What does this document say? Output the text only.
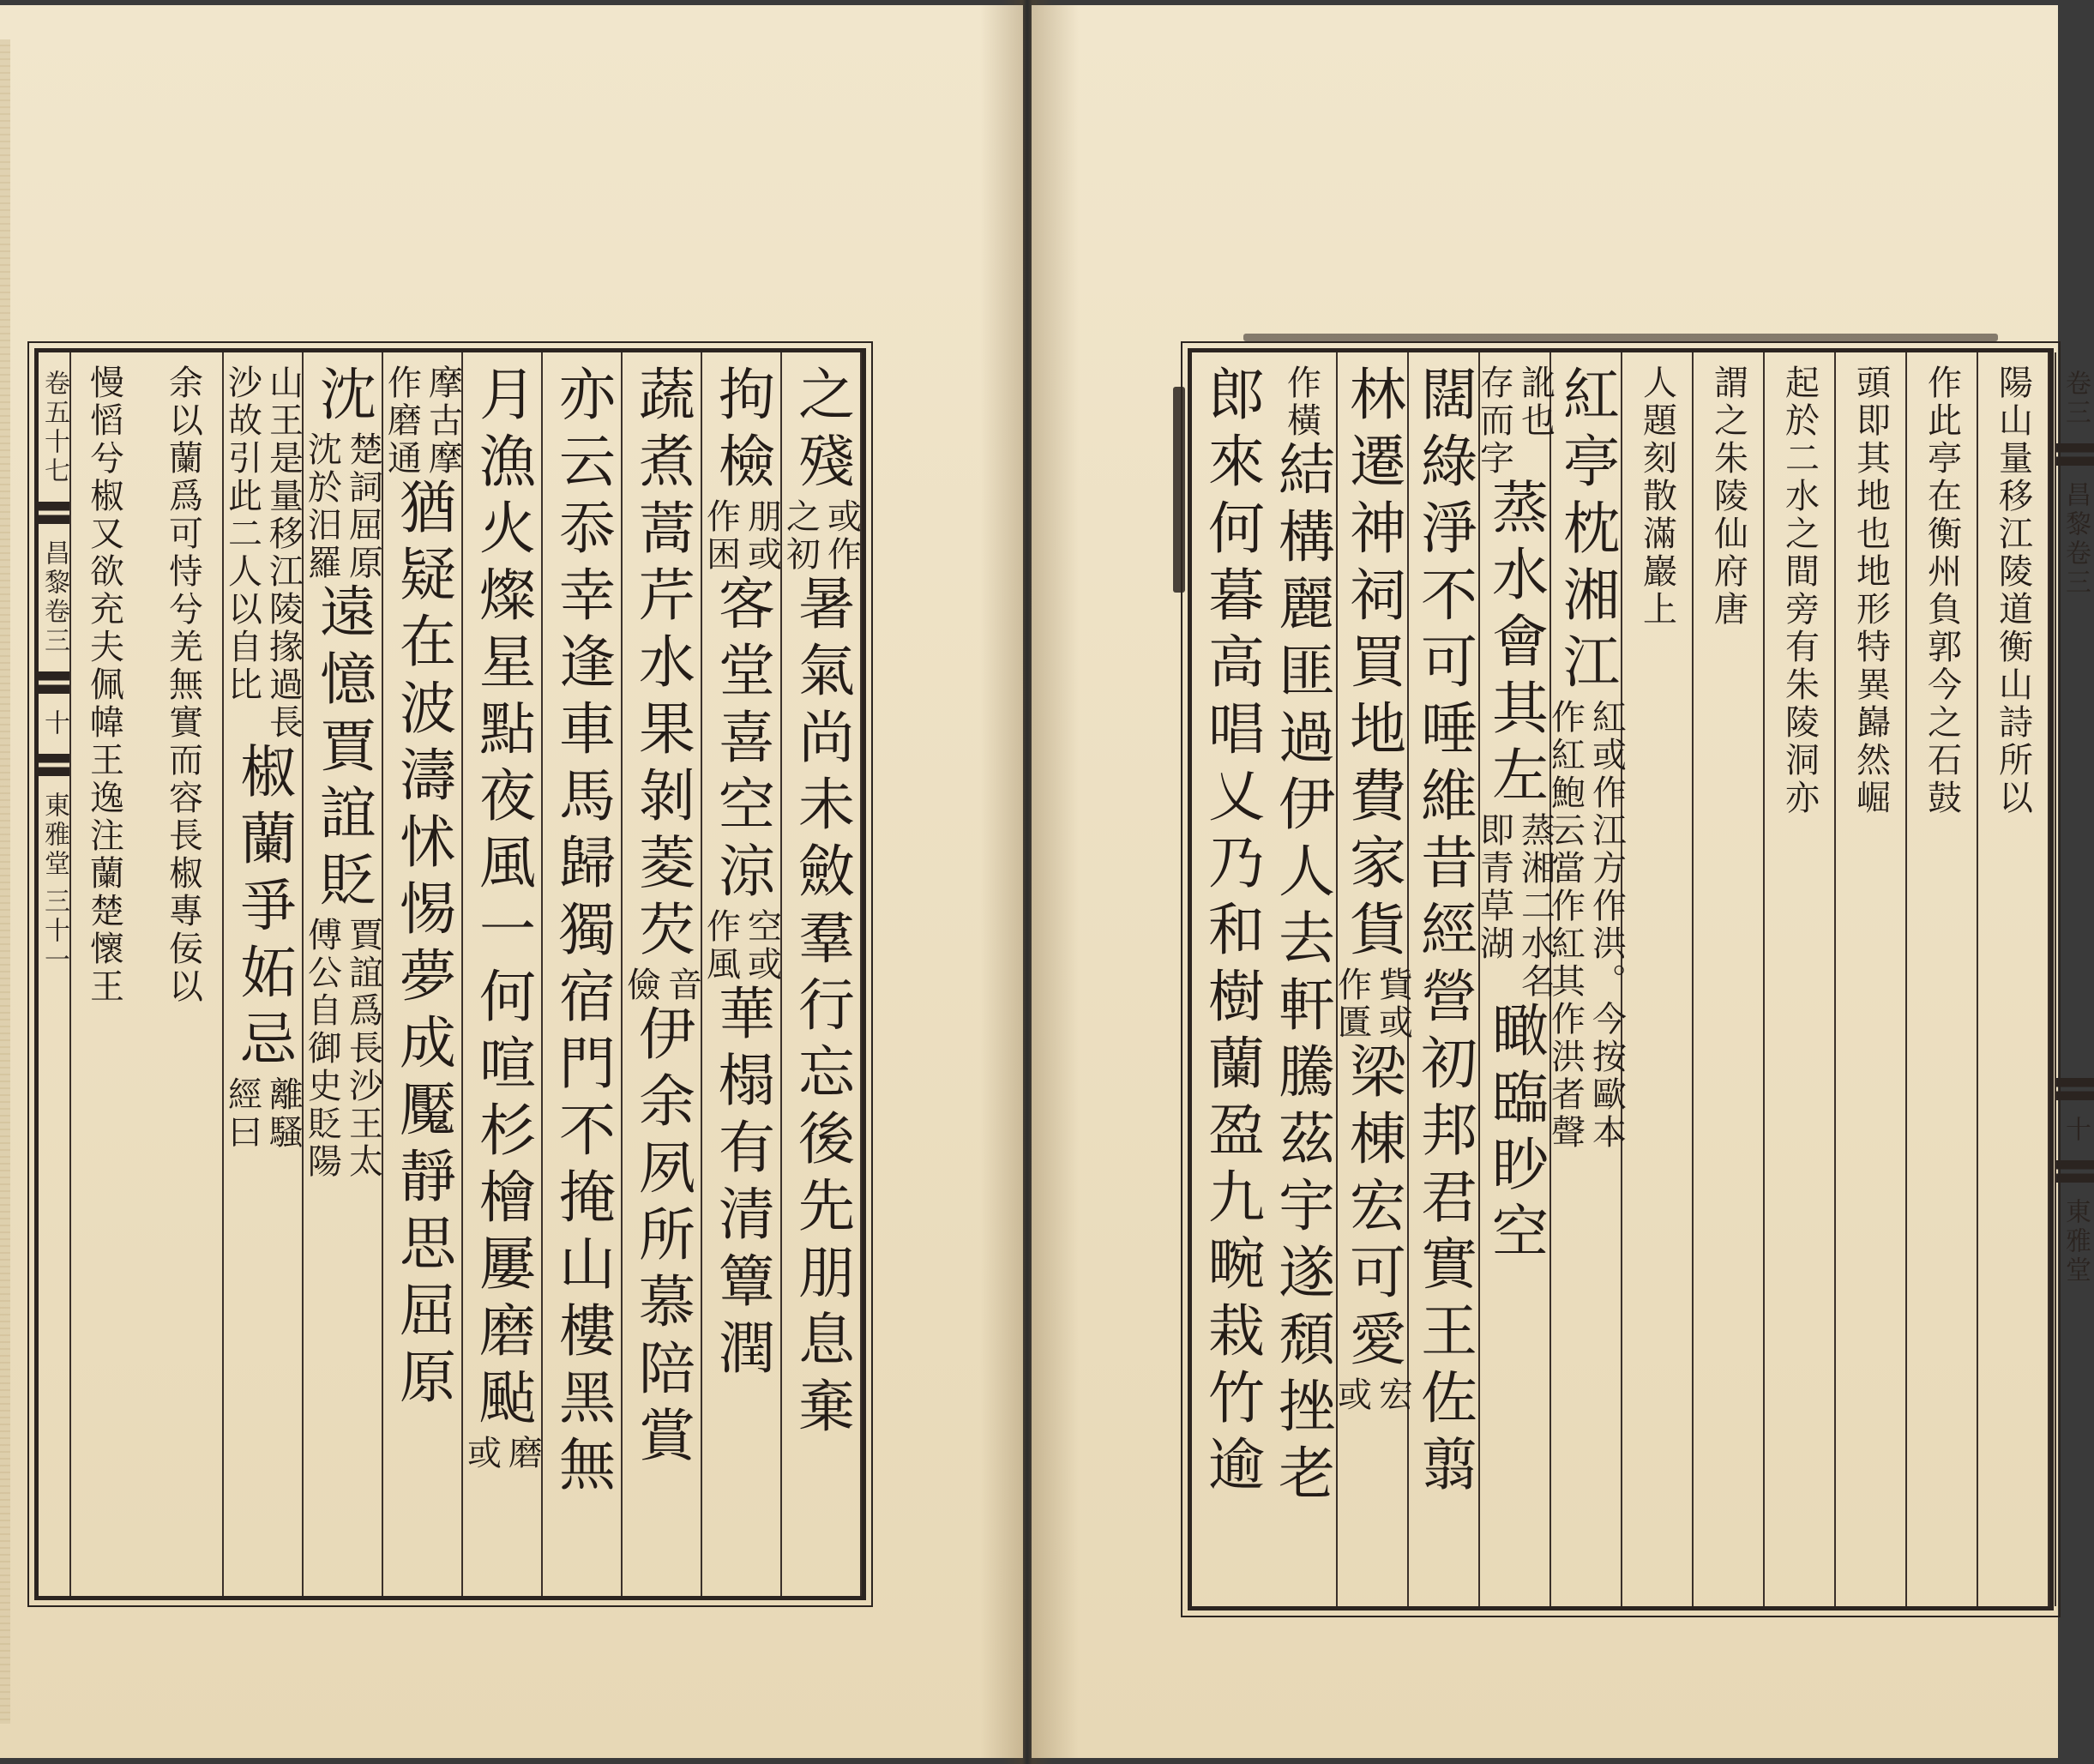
卷五十七
昌黎卷三
十
東雅堂
三十一
之殘
或作
之初
暑氣尚未斂羣行忘後先朋息棄
拘檢
朋或
作困
客堂喜空涼
空或
作風
華榻有清簟潤
蔬煮蒿芹水果剝菱芡
音
儉
伊余夙所慕陪賞
亦云忝幸逢車馬歸獨宿門不掩山樓黑無
月漁火燦星點夜風一何喧杉檜屢磨颭
磨
或
摩古摩
作磨通
猶疑在波濤怵惕夢成魘靜思屈原
沈
楚詞屈原
沈於汨羅
遠憶賈誼貶
賈誼爲長沙王太
傅公自御史貶陽
山王是量移江陵掾過長
沙故引此二人以自比
椒蘭爭妬忌
離騷
經曰
余以蘭爲可恃兮羌無實而容長椒專佞以
慢慆兮椒又欲充夫佩幃王逸注蘭楚懷王	卷三
昌黎卷三
十
東雅堂
陽山量移江陵道衡山詩所以
作此亭在衡州負郭今之石鼓
頭即其地也地形特異巋然崛
起於二水之間旁有朱陵洞亦
謂之朱陵仙府唐
人題刻散滿巖上
紅亭枕湘江
紅或作江方作洪。今按歐本
作紅鮑云當作紅其作洪者聲
訛也
存而字
蒸水會其左
蒸湘二水名
即青草湖
瞰臨眇空
闊綠淨不可唾維昔經營初邦君實王佐翦
林遷神祠買地費家貨
貲或
作匱
梁棟宏可愛
宏
或
作橫
結構麗匪過伊人去軒騰茲宇遂頹挫老
郎來何暮高唱乂乃和樹蘭盈九畹栽竹逾
